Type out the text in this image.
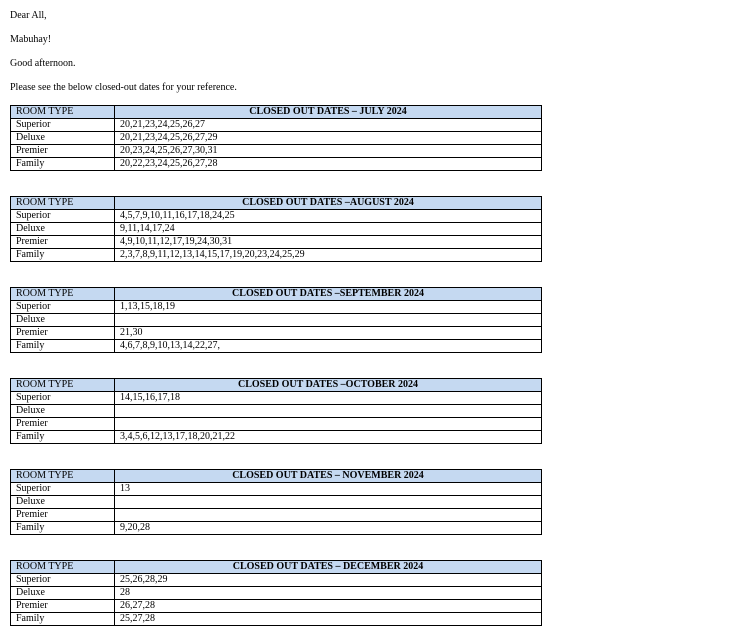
Dear All,

Mabuhay!

Good afternoon.

Please see the below closed-out dates for your reference.

ROOM TYPE	CLOSED OUT DATES – JULY 2024
Superior	20,21,23,24,25,26,27
Deluxe	20,21,23,24,25,26,27,29
Premier	20,23,24,25,26,27,30,31
Family	20,22,23,24,25,26,27,28
ROOM TYPE	CLOSED OUT DATES –AUGUST 2024
Superior	4,5,7,9,10,11,16,17,18,24,25
Deluxe	9,11,14,17,24
Premier	4,9,10,11,12,17,19,24,30,31
Family	2,3,7,8,9,11,12,13,14,15,17,19,20,23,24,25,29
ROOM TYPE	CLOSED OUT DATES –SEPTEMBER 2024
Superior	1,13,15,18,19
Deluxe	
Premier	21,30
Family	4,6,7,8,9,10,13,14,22,27,
ROOM TYPE	CLOSED OUT DATES –OCTOBER 2024
Superior	14,15,16,17,18
Deluxe	
Premier	
Family	3,4,5,6,12,13,17,18,20,21,22
ROOM TYPE	CLOSED OUT DATES – NOVEMBER 2024
Superior	13
Deluxe	
Premier	
Family	9,20,28
ROOM TYPE	CLOSED OUT DATES – DECEMBER 2024
Superior	25,26,28,29
Deluxe	28
Premier	26,27,28
Family	25,27,28
